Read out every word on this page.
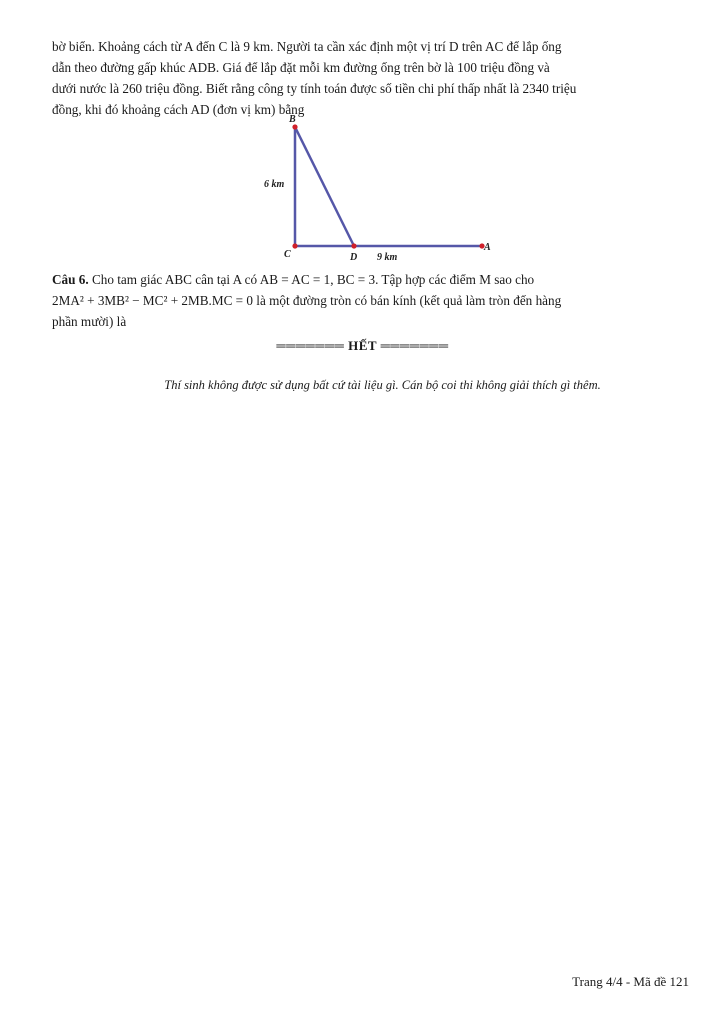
bờ biển. Khoảng cách từ A đến C là 9 km. Người ta cần xác định một vị trí D trên AC để lắp ống
dẫn theo đường gấp khúc ADB. Giá để lắp đặt mỗi km đường ống trên bờ là 100 triệu đồng và
dưới nước là 260 triệu đồng. Biết rằng công ty tính toán được số tiền chi phí thấp nhất là 2340 triệu
đồng, khi đó khoảng cách AD (đơn vị km) bằng
B
C	D
A
6 km
9 km
Câu 6. Cho tam giác ABC cân tại A có AB = AC = 1, BC = 3. Tập hợp các điểm M sao cho
2MA² + 3MB² − MC² + 2MB.MC = 0 là một đường tròn có bán kính (kết quả làm tròn đến hàng
phần mười) là
═══════ HẾT ═══════
Thí sinh không được sử dụng bất cứ tài liệu gì. Cán bộ coi thi không giải thích gì thêm.
Trang 4/4 - Mã đề 121
